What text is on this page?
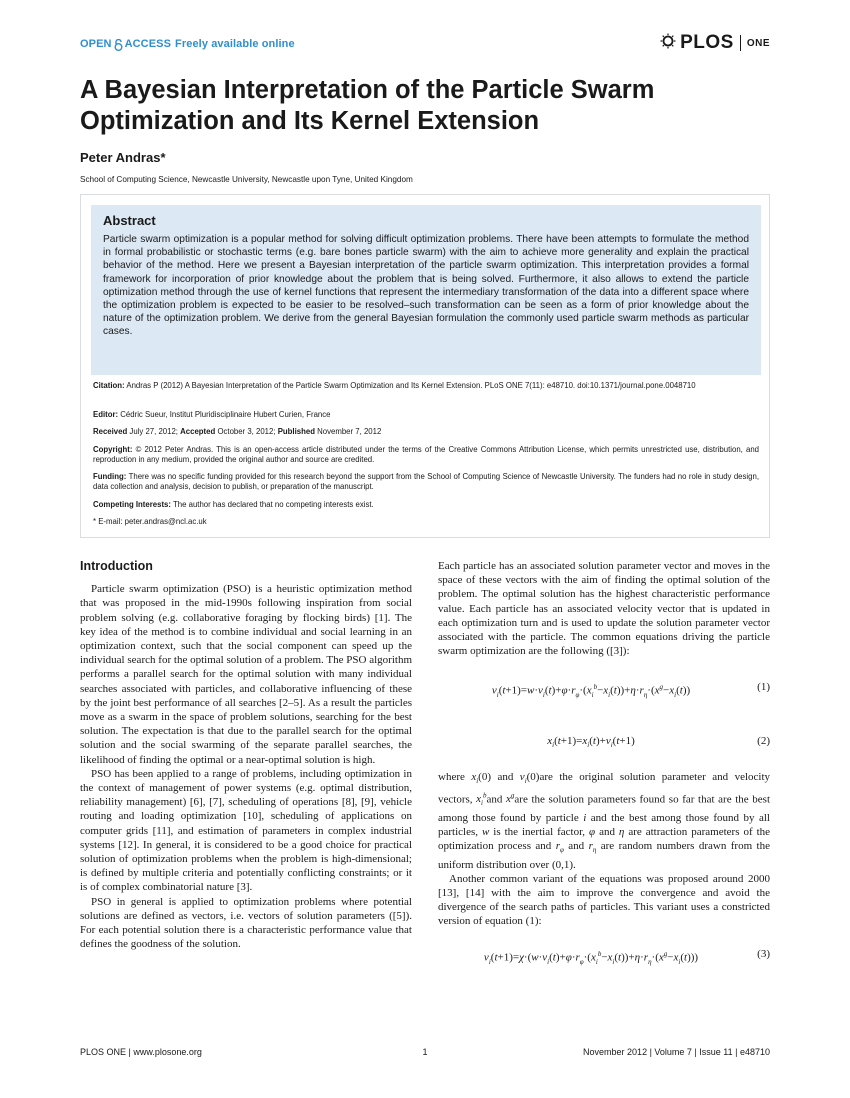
OPEN ACCESS Freely available online	PLOS ONE
A Bayesian Interpretation of the Particle Swarm Optimization and Its Kernel Extension
Peter Andras*
School of Computing Science, Newcastle University, Newcastle upon Tyne, United Kingdom
Abstract
Particle swarm optimization is a popular method for solving difficult optimization problems. There have been attempts to formulate the method in formal probabilistic or stochastic terms (e.g. bare bones particle swarm) with the aim to achieve more generality and explain the practical behavior of the method. Here we present a Bayesian interpretation of the particle swarm optimization. This interpretation provides a formal framework for incorporation of prior knowledge about the problem that is being solved. Furthermore, it also allows to extend the particle optimization method through the use of kernel functions that represent the intermediary transformation of the data into a different space where the optimization problem is expected to be easier to be resolved–such transformation can be seen as a form of prior knowledge about the nature of the optimization problem. We derive from the general Bayesian formulation the commonly used particle swarm methods as particular cases.
Citation: Andras P (2012) A Bayesian Interpretation of the Particle Swarm Optimization and Its Kernel Extension. PLoS ONE 7(11): e48710. doi:10.1371/journal.pone.0048710
Editor: Cédric Sueur, Institut Pluridisciplinaire Hubert Curien, France
Received July 27, 2012; Accepted October 3, 2012; Published November 7, 2012
Copyright: © 2012 Peter Andras. This is an open-access article distributed under the terms of the Creative Commons Attribution License, which permits unrestricted use, distribution, and reproduction in any medium, provided the original author and source are credited.
Funding: There was no specific funding provided for this research beyond the support from the School of Computing Science of Newcastle University. The funders had no role in study design, data collection and analysis, decision to publish, or preparation of the manuscript.
Competing Interests: The author has declared that no competing interests exist.
* E-mail: peter.andras@ncl.ac.uk
Introduction

Particle swarm optimization (PSO) is a heuristic optimization method that was proposed in the mid-1990s following inspiration from social problem solving (e.g. collaborative foraging by flocking birds) [1]. The key idea of the method is to combine individual and social learning in an optimization context, such that the social component can speed up the individual search for the optimal solution of a problem. The PSO algorithm performs a parallel search for the optimal solution with many individual searches associated with particles, and collaborative influencing of these by the joint best performance of all searches [2–5]. As a result the particles move as a swarm in the space of problem solutions, searching for the best solution. The expectation is that due to the parallel search for the optimal solution and the social swarming of the separate parallel searches, the likelihood of finding the optimal or a near-optimal solution is high.

PSO has been applied to a range of problems, including optimization in the context of management of power systems (e.g. optimal distribution, reliability management) [6], [7], scheduling of operations [8], [9], vehicle routing and loading optimization [10], scheduling of applications on computer grids [11], and estimation of parameters in complex industrial systems [12]. In general, it is considered to be a good choice for practical solution of optimization problems when the problem is high-dimensional; is defined by multiple criteria and potentially conflicting constraints; or it is of complex combinatorial nature [3].

PSO in general is applied to optimization problems where potential solutions are defined as vectors, i.e. vectors of solution parameters ([5]). For each potential solution there is a characteristic performance value that defines the goodness of the solution.

Each particle has an associated solution parameter vector and moves in the space of these vectors with the aim of finding the optimal solution of the problem. The optimal solution has the highest characteristic performance value. Each particle has an associated velocity vector that is updated in each optimization turn and is used to update the solution parameter vector associated with the particle. The common equations driving the particle swarm optimization are the following ([3]):

$v_i(t+1)=w\cdot v_i(t)+\varphi\cdot r_\varphi\cdot(x_i^b-x_i(t))+\eta\cdot r_\eta\cdot(x^g-x_i(t))$	(1)
$x_i(t+1)=x_i(t)+v_i(t+1)$	(2)

where $x_i(0)$ and $v_i(0)are$ the original solution parameter and velocity vectors, $x_i^band$ $x^gare$ the solution parameters found so far that are the best among those found by particle i and the best among those found by all particles, w is the inertial factor, φ and η are attraction parameters of the optimization process and $r_\varphi$ and $r_\eta$ are random numbers drawn from the uniform distribution over (0,1).

Another common variant of the equations was proposed around 2000 [13], [14] with the aim to improve the convergence and avoid the divergence of the search paths of particles. This variant uses a constricted version of equation (1):

$v_i(t+1)=\chi\cdot(w\cdot v_i(t)+\varphi\cdot r_\varphi\cdot(x_i^b-x_i(t))+\eta\cdot r_\eta\cdot(x^g-x_i(t)))$	(3)
PLOS ONE | www.plosone.org	1	November 2012 | Volume 7 | Issue 11 | e48710
